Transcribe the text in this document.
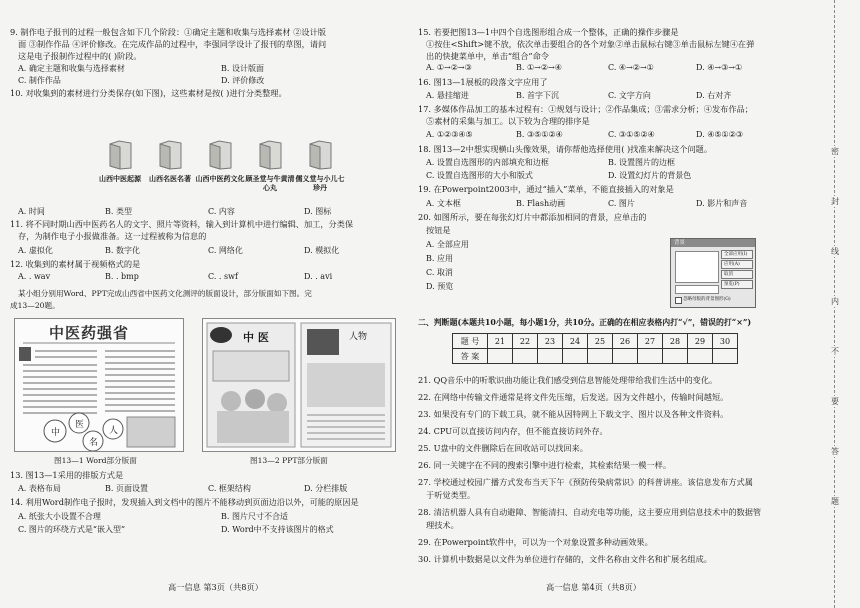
9. 制作电子报刊的过程一般包含如下几个阶段：①确定主题和收集与选择素材 ②设计版
面 ③制作作品 ④评价修改。在完成作品的过程中，李强同学设计了报刊的草图，请问
这是电子报制作过程中的( )阶段。
A. 确定主题和收集与选择素材	B. 设计版面
C. 制作作品	D. 评价修改
10. 对收集到的素材进行分类保存(如下图)，这些素材是按( )进行分类整理。
山西中医起源	山西名医名著 山西中医药文化 顾圣堂与牛黄清心丸
儒义堂与小儿七珍丹
A. 时间	B. 类型	C. 内容	D. 图标
11. 将不同时期山西中医药名人的文字、照片等资料，输入到计算机中进行编辑、加工，分类保
存，为制作电子小报做准备。这一过程被称为信息的
A. 虚拟化	B. 数字化	C. 网络化	D. 模拟化
12. 收集到的素材属于视频格式的是
A. . wav	B. . bmp	C. . swf	D. . avi
某小组分别用Word、PPT完成山西省中医药文化测评的版面设计，部分版面如下图。完
成13—20题。
中医药强省
中
医
名
人
中 医	人物
图13—1 Word部分版面	图13—2 PPT部分版面
13. 图13—1采用的排版方式是
A. 表格布局	B. 页面设置	C. 框架结构	D. 分栏排版
14. 利用Word制作电子报时，发现插入到文档中的图片不能移动到页面边沿以外，可能的原因是
A. 纸张大小设置不合理	B. 图片尺寸不合适
C. 图片的环绕方式是“嵌入型”	D. Word中不支持该图片的格式
高一信息 第3页（共8页）
15. 若要把图13—1中四个自选图形组合成一个整体，正确的操作步骤是
①按住<Shift>键不放，依次单击要组合的各个对象②单击鼠标右键③单击鼠标左键④在弹
出的快捷菜单中，单击“组合”命令
A. ①→②→③	B. ①→②→④	C. ④→②→①	D. ④→③→①
16. 图13—1展板的段落文字应用了
A. 悬挂缩进	B. 首字下沉	C. 文字方向	D. 右对齐
17. 多媒体作品加工的基本过程有：①规划与设计；②作品集成；③需求分析；④发布作品；
⑤素材的采集与加工。以下较为合理的排序是
A. ①②③④⑤	B. ③⑤①②④	C. ③①⑤②④	D. ④⑤①②③
18. 图13—2中想实现横山头像效果，请你帮他选择使用( )找准来解决这个问题。
A. 设置自选图形的内部填充和边框	B. 设置图片的边框
C. 设置自选图形的大小和版式	D. 设置幻灯片的背景色
19. 在Powerpoint2003中，通过“插入”菜单，不能直接插入的对象是
A. 文本框	B. Flash动画	C. 图片	D. 影片和声音
20. 如图所示，要在每张幻灯片中都添加相同的背景，应单击的
按钮是
A. 全部应用
B. 应用
C. 取消
D. 预览
背景
全部应用(I)
应用(A)
取消
预览(P)
忽略母版的背景图形(G)
二、判断题(本题共10小题，每小题1分，共10分。正确的在相应表格内打“√”，错误的打“×”)
题 号	21	22	23	24	25	26	27	28	29	30
答 案										
21. QQ音乐中的听歌识曲功能让我们感受到信息智能处理带给我们生活中的变化。
22. 在网络中传输文件通常是将文件先压缩，后发送。因为文件越小，传输时间越短。
23. 如果没有专门的下载工具，就不能从因特网上下载文字、图片以及各种文件资料。
24. CPU可以直接访问内存，但不能直接访问外存。
25. U盘中的文件删除后在回收站可以找回来。
26. 同一关键字在不同的搜索引擎中进行检索，其检索结果一模一样。
27. 学校通过校园广播方式发布当天下午《预防传染病常识》的科普讲座。该信息发布方式属
于听觉类型。
28. 清洁机器人具有自动避障、智能清扫、自动充电等功能，这主要应用到信息技术中的数据管
理技术。
29. 在Powerpoint软件中，可以为一个对象设置多种动画效果。
30. 计算机中数据是以文件为单位进行存储的，文件名称由文件名和扩展名组成。
高一信息 第4页（共8页）
密
封
线
内
不
要
答
题
